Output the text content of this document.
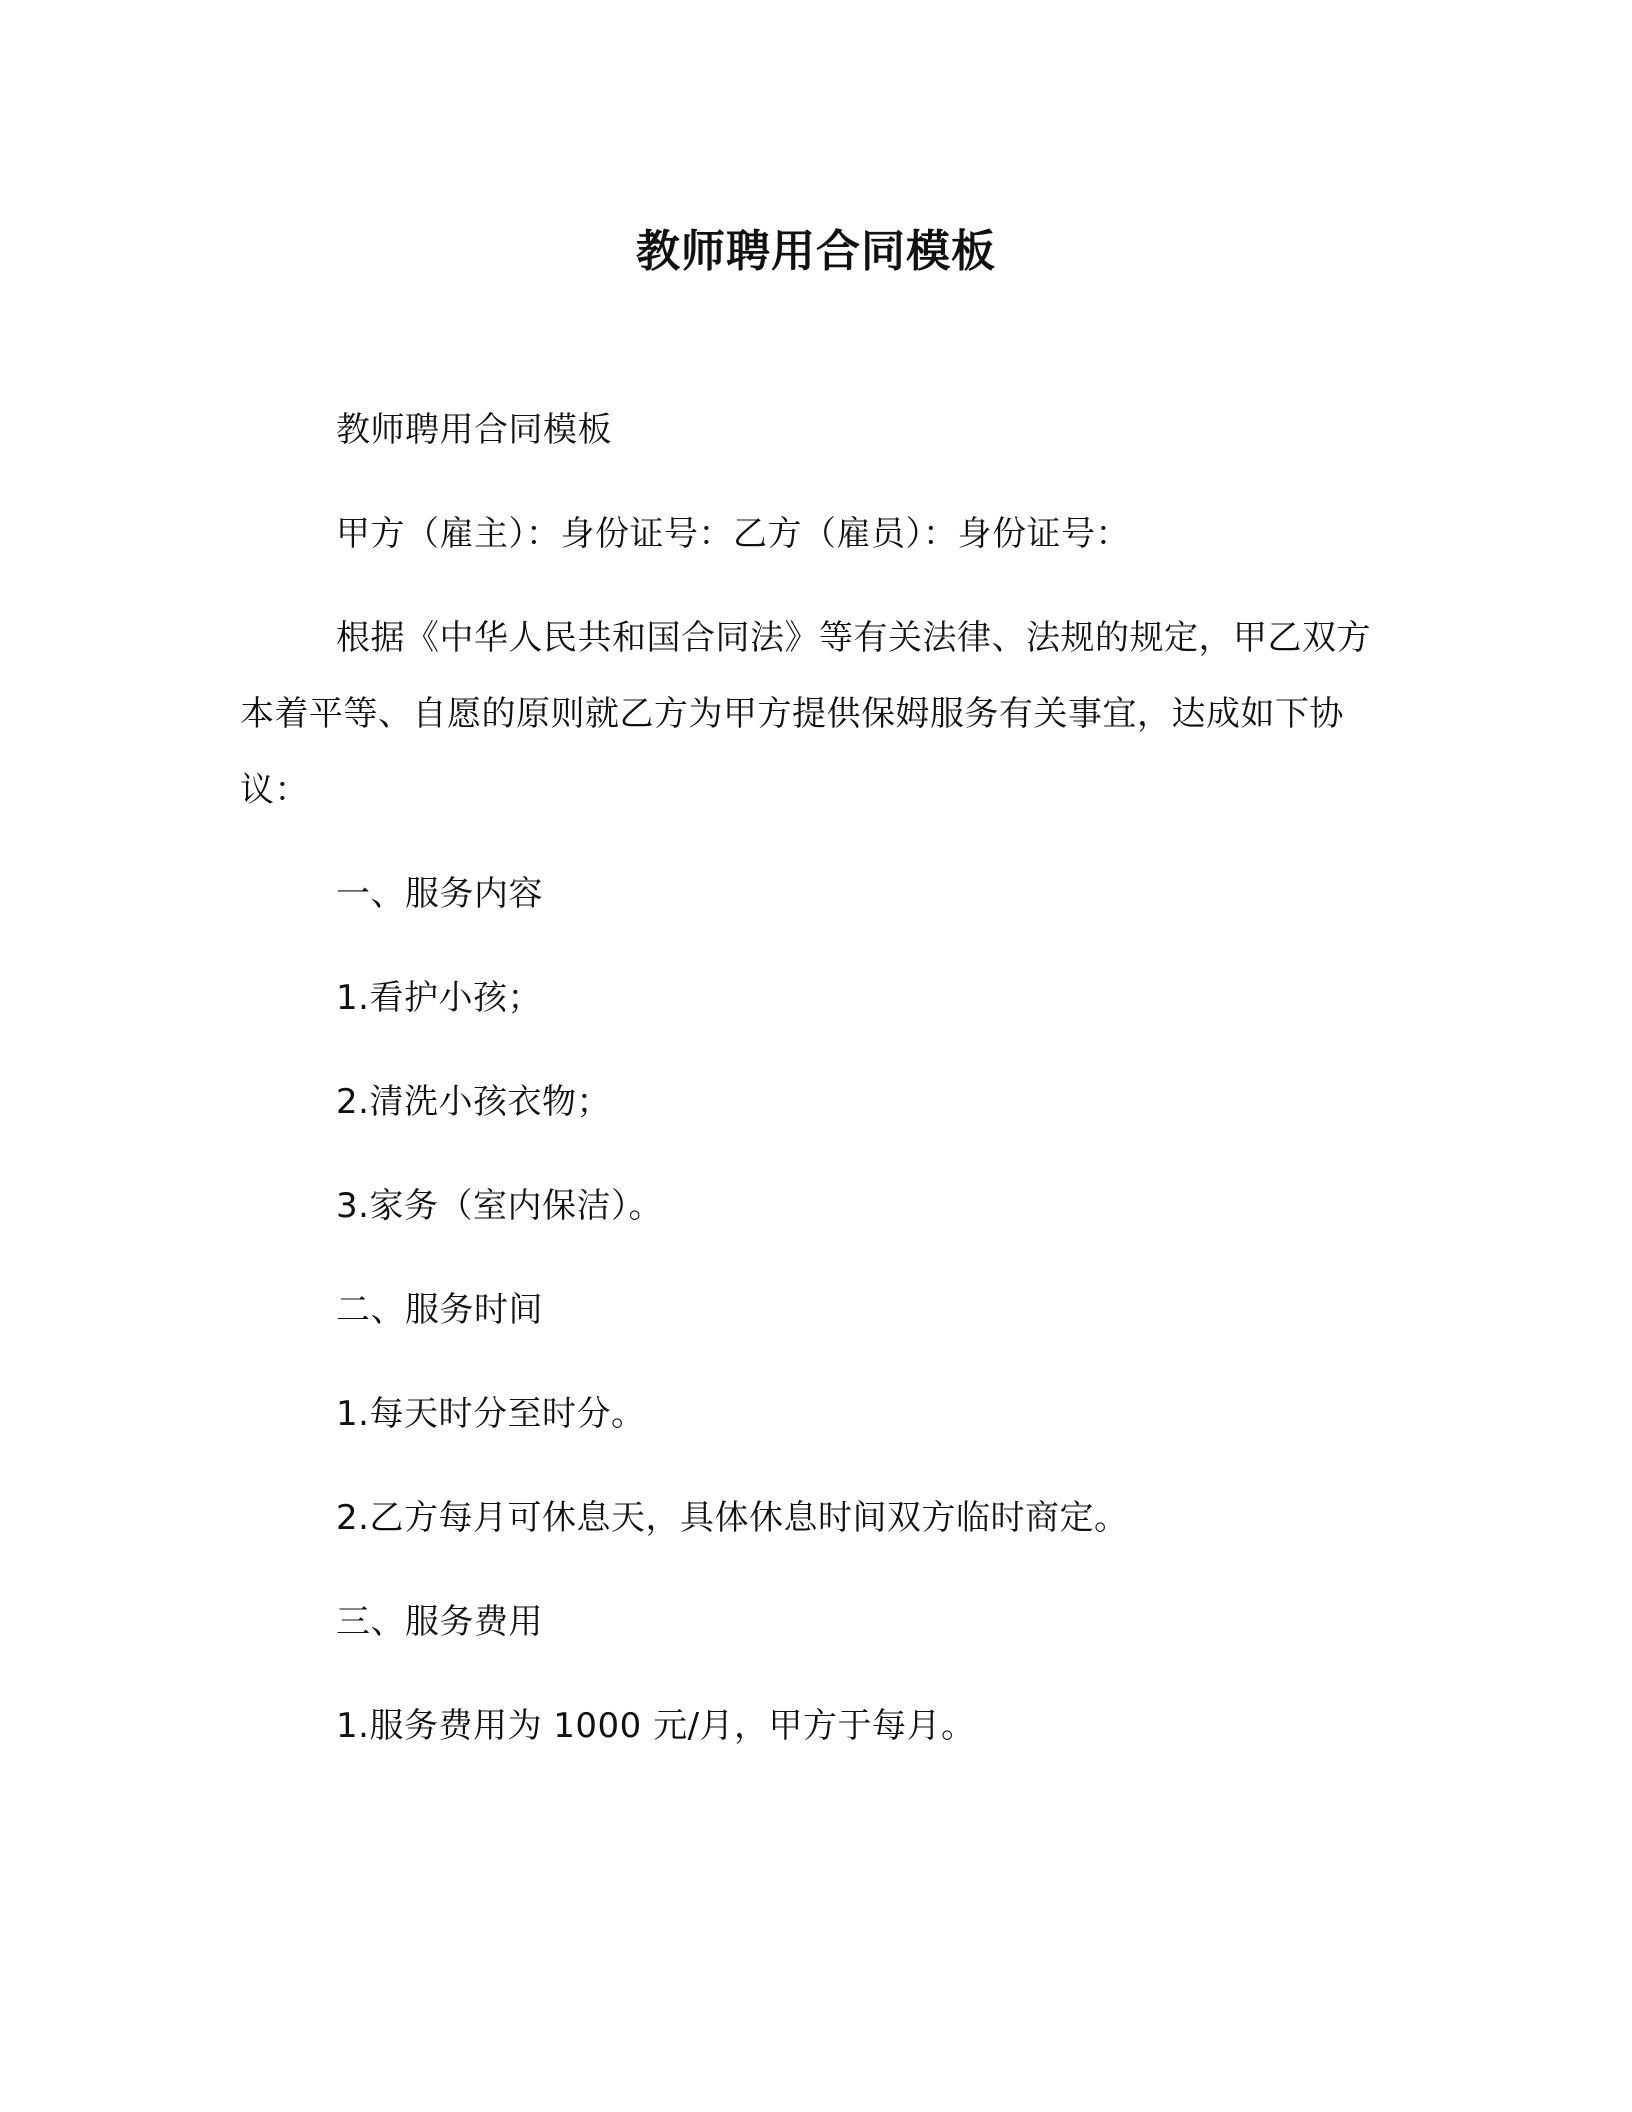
教师聘用合同模板

教师聘用合同模板

甲方（雇主）：身份证号：乙方（雇员）：身份证号：

根据《中华人民共和国合同法》等有关法律、法规的规定，甲乙双方本着平等、自愿的原则就乙方为甲方提供保姆服务有关事宜，达成如下协议：

一、服务内容

1.看护小孩；

2.清洗小孩衣物；

3.家务（室内保洁）。

二、服务时间

1.每天时分至时分。

2.乙方每月可休息天，具体休息时间双方临时商定。

三、服务费用

1.服务费用为 1000 元/月，甲方于每月。
